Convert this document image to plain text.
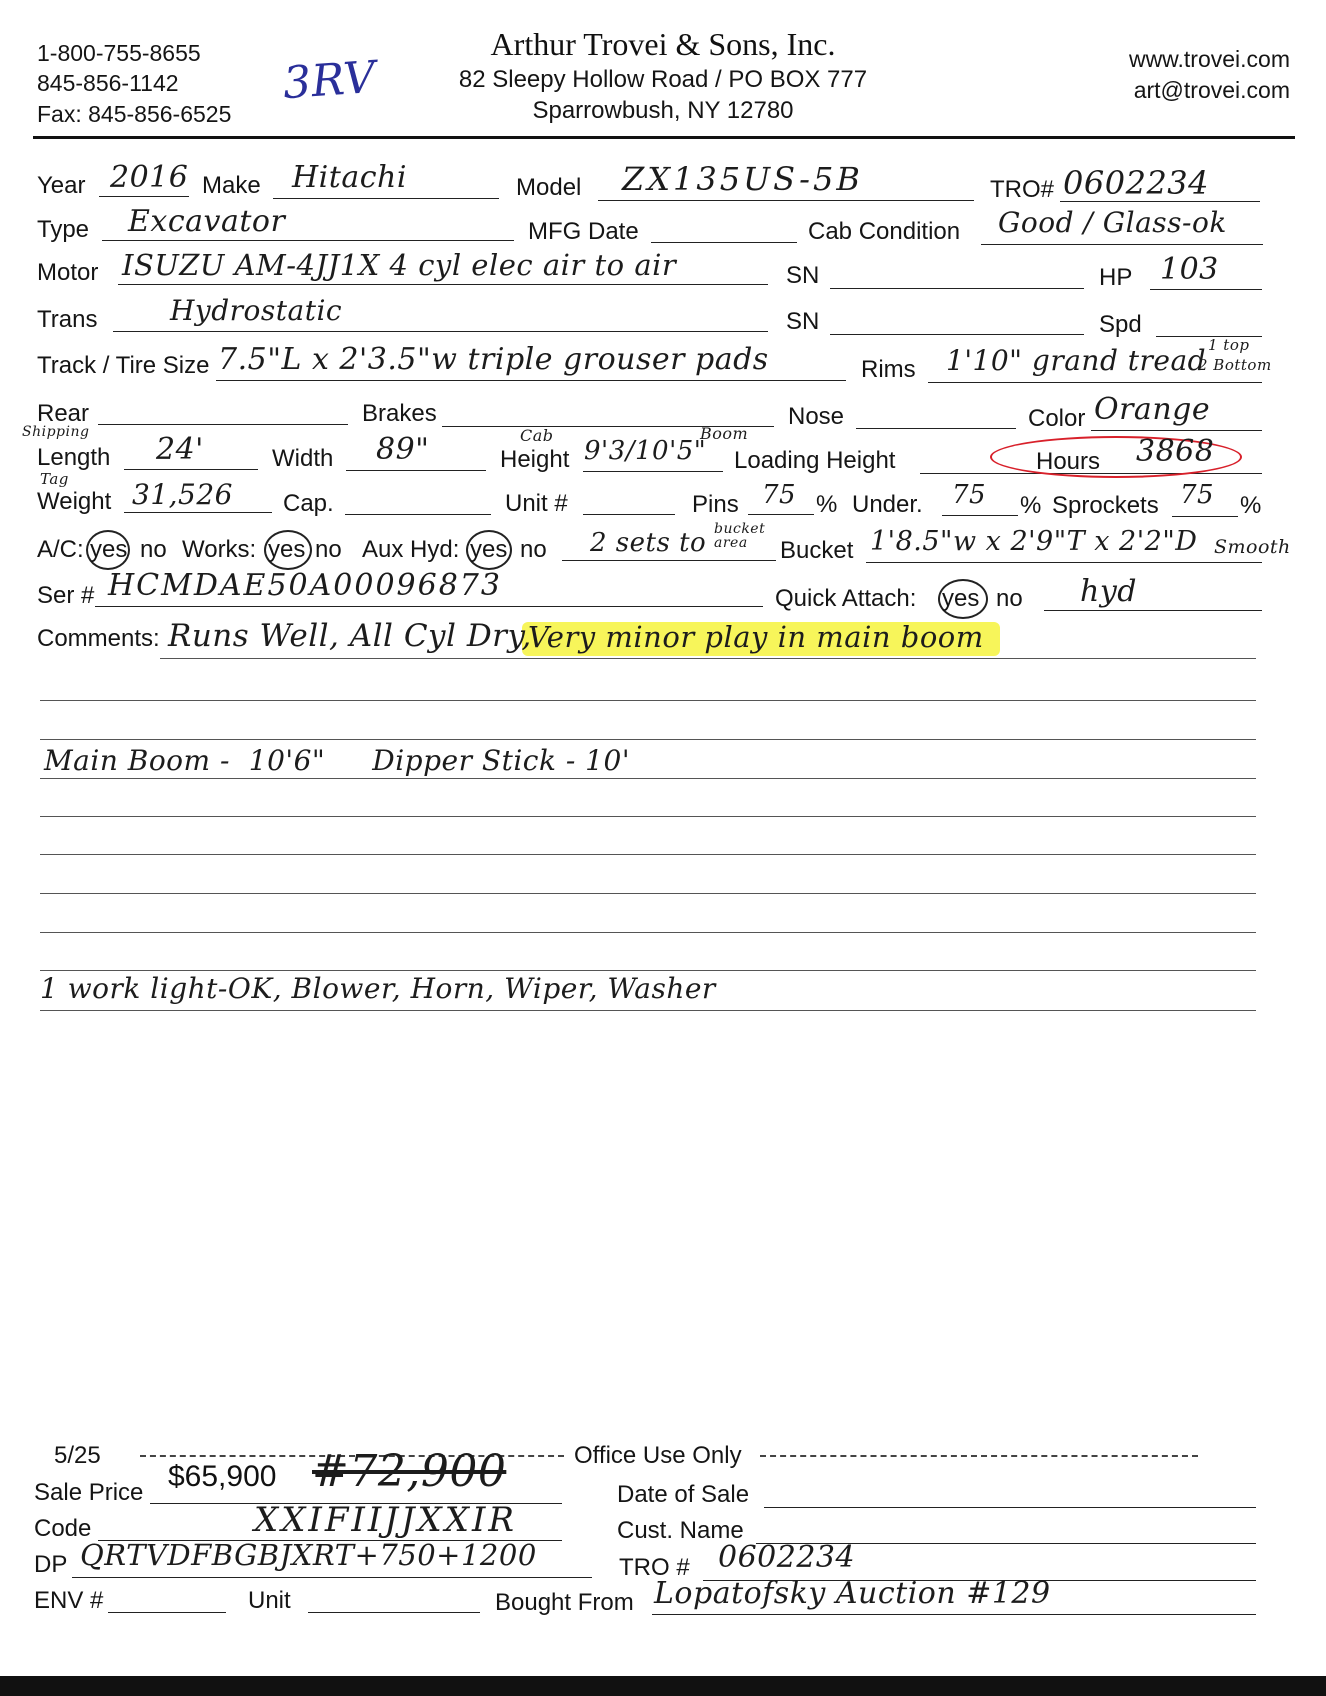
1-800-755-8655
845-856-1142
Fax: 845-856-6525
3RV
Arthur Trovei & Sons, Inc.
82 Sleepy Hollow Road / PO BOX 777
Sparrowbush, NY 12780
www.trovei.com
art@trovei.com
Year 2016 Make Hitachi	Model ZX135US-5B	TRO# 0602234
Type Excavator	MFG Date	Cab Condition Good / Glass-ok
Motor ISUZU AM-4JJ1X 4 cyl elec air to air	SN	HP 103
Trans	Hydrostatic	SN	Spd
Track / Tire Size 7.5"L x 2'3.5"w triple grouser pads	Rims 1'10" grand tread 1 top
2 Bottom
Rear	Brakes	Nose	Color Orange
Shipping
Length 24'	Width 89"	Cab
Height 9'3/10'5"
Boom
Loading Height	Hours 3868
Tag
Weight 31,526 Cap.	Unit #	Pins 75 % Under. 75 % Sprockets 75 %
A/C: yes no Works: yes no Aux Hyd: yes no 2 sets to bucket area	Bucket 1'8.5"w x 2'9"T x 2'2"D Smooth
Ser # HCMDAE50A00096873	Quick Attach: yes no hyd
Comments: Runs Well, All Cyl Dry,
Very minor play in main boom
Main Boom -  10'6"     Dipper Stick - 10'
1 work light-OK, Blower, Horn, Wiper, Washer
5/25	Office Use Only
Sale Price $65,900 #72,900	Date of Sale
Code	XXIFIIJJXXIR	Cust. Name
DP QRTVDFBGBJXRT+750+1200	TRO # 0602234
ENV #	Unit	Bought From Lopatofsky Auction #129
